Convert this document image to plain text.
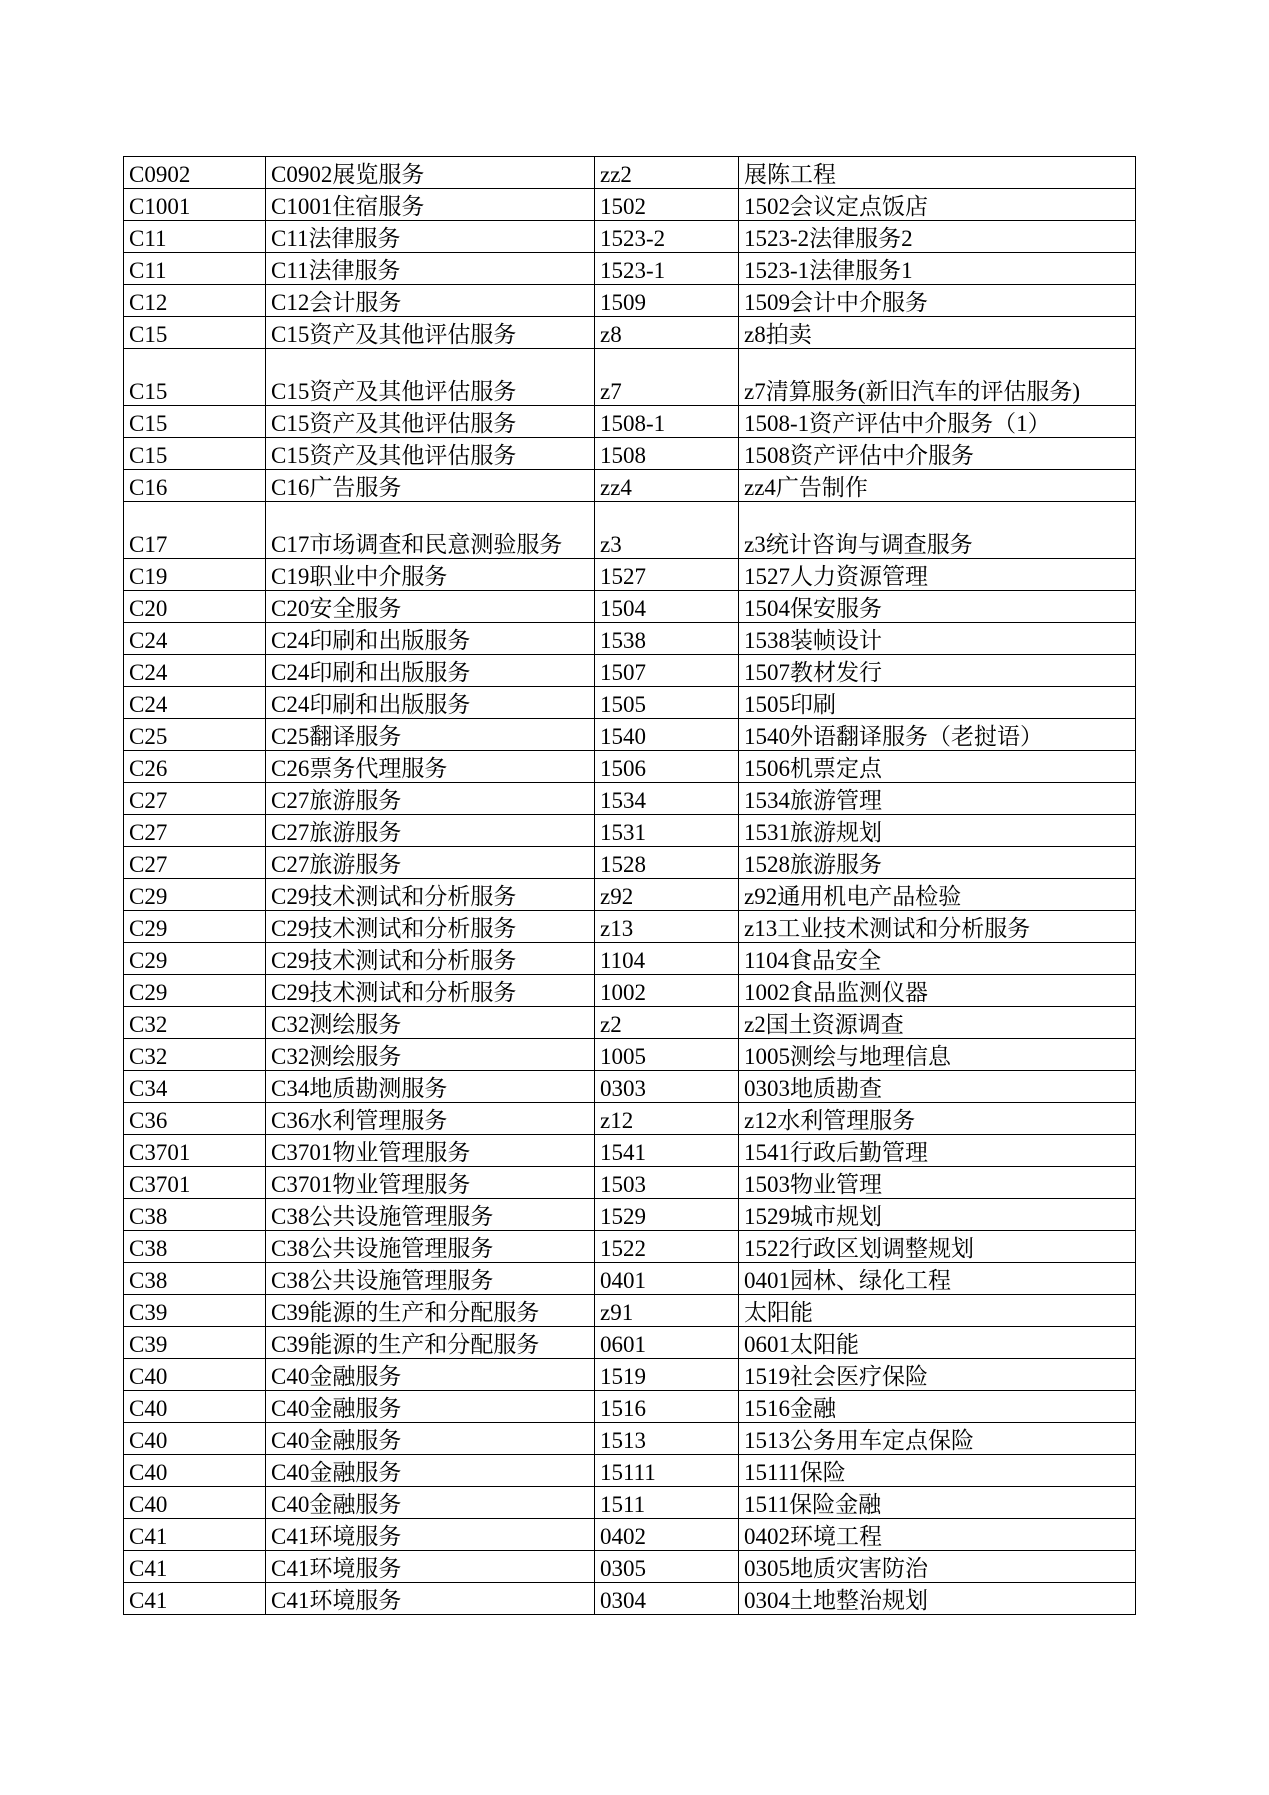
C0902	C0902展览服务	zz2	展陈工程
C1001	C1001住宿服务	1502	1502会议定点饭店
C11	C11法律服务	1523-2	1523-2法律服务2
C11	C11法律服务	1523-1	1523-1法律服务1
C12	C12会计服务	1509	1509会计中介服务
C15	C15资产及其他评估服务	z8	z8拍卖
C15	C15资产及其他评估服务	z7	z7清算服务(新旧汽车的评估服务)
C15	C15资产及其他评估服务	1508-1	1508-1资产评估中介服务（1）
C15	C15资产及其他评估服务	1508	1508资产评估中介服务
C16	C16广告服务	zz4	zz4广告制作
C17	C17市场调查和民意测验服务	z3	z3统计咨询与调查服务
C19	C19职业中介服务	1527	1527人力资源管理
C20	C20安全服务	1504	1504保安服务
C24	C24印刷和出版服务	1538	1538装帧设计
C24	C24印刷和出版服务	1507	1507教材发行
C24	C24印刷和出版服务	1505	1505印刷
C25	C25翻译服务	1540	1540外语翻译服务（老挝语）
C26	C26票务代理服务	1506	1506机票定点
C27	C27旅游服务	1534	1534旅游管理
C27	C27旅游服务	1531	1531旅游规划
C27	C27旅游服务	1528	1528旅游服务
C29	C29技术测试和分析服务	z92	z92通用机电产品检验
C29	C29技术测试和分析服务	z13	z13工业技术测试和分析服务
C29	C29技术测试和分析服务	1104	1104食品安全
C29	C29技术测试和分析服务	1002	1002食品监测仪器
C32	C32测绘服务	z2	z2国土资源调查
C32	C32测绘服务	1005	1005测绘与地理信息
C34	C34地质勘测服务	0303	0303地质勘查
C36	C36水利管理服务	z12	z12水利管理服务
C3701	C3701物业管理服务	1541	1541行政后勤管理
C3701	C3701物业管理服务	1503	1503物业管理
C38	C38公共设施管理服务	1529	1529城市规划
C38	C38公共设施管理服务	1522	1522行政区划调整规划
C38	C38公共设施管理服务	0401	0401园林、绿化工程
C39	C39能源的生产和分配服务	z91	太阳能
C39	C39能源的生产和分配服务	0601	0601太阳能
C40	C40金融服务	1519	1519社会医疗保险
C40	C40金融服务	1516	1516金融
C40	C40金融服务	1513	1513公务用车定点保险
C40	C40金融服务	15111	15111保险
C40	C40金融服务	1511	1511保险金融
C41	C41环境服务	0402	0402环境工程
C41	C41环境服务	0305	0305地质灾害防治
C41	C41环境服务	0304	0304土地整治规划
